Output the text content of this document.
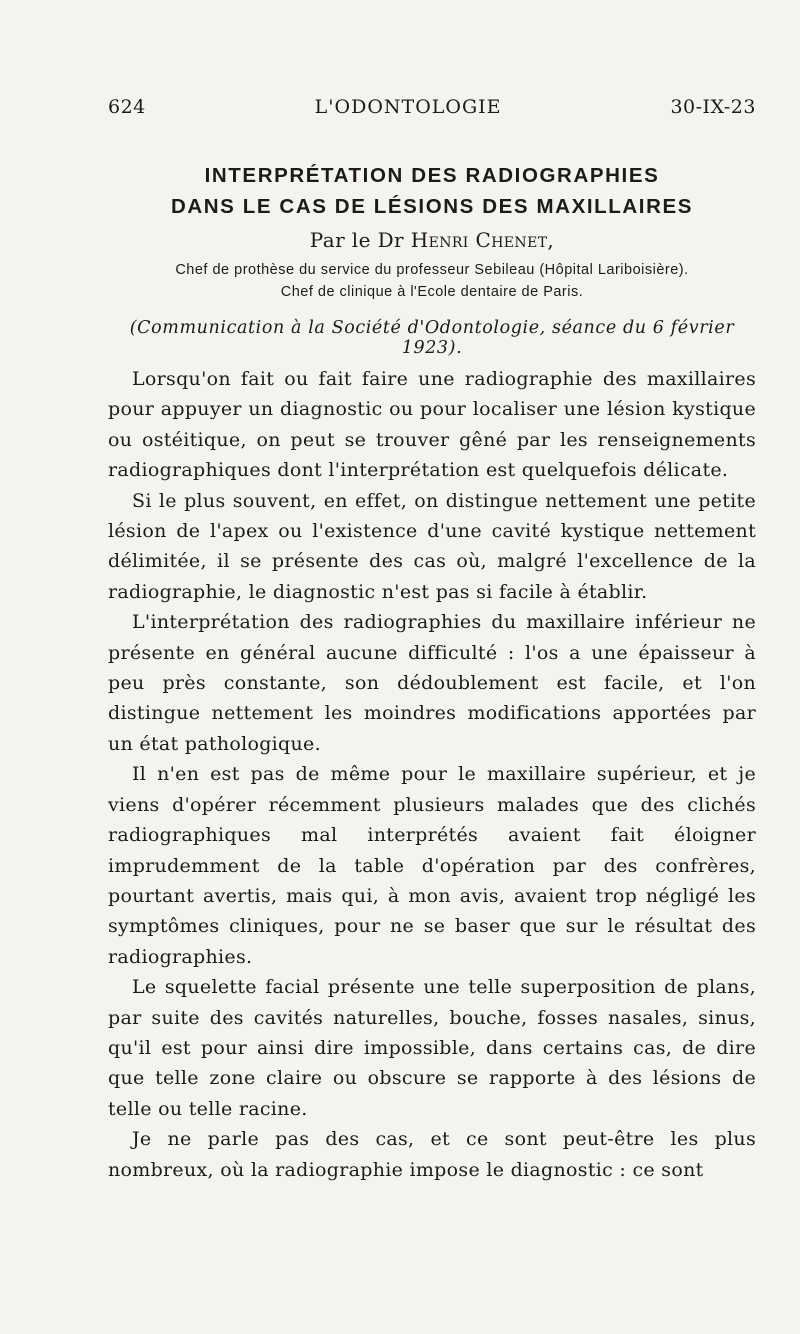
624	L'ODONTOLOGIE	30-IX-23
INTERPRÉTATION DES RADIOGRAPHIES
DANS LE CAS DE LÉSIONS DES MAXILLAIRES
Par le Dr Henri Chenet,
Chef de prothèse du service du professeur Sebileau (Hôpital Lariboisière).
Chef de clinique à l'Ecole dentaire de Paris.
(Communication à la Société d'Odontologie, séance du 6 février 1923).

Lorsqu'on fait ou fait faire une radiographie des maxillaires pour appuyer un diagnostic ou pour localiser une lésion kystique ou ostéitique, on peut se trouver gêné par les renseignements radiographiques dont l'interprétation est quelquefois délicate.

Si le plus souvent, en effet, on distingue nettement une petite lésion de l'apex ou l'existence d'une cavité kystique nettement délimitée, il se présente des cas où, malgré l'excellence de la radiographie, le diagnostic n'est pas si facile à établir.

L'interprétation des radiographies du maxillaire inférieur ne présente en général aucune difficulté : l'os a une épaisseur à peu près constante, son dédoublement est facile, et l'on distingue nettement les moindres modifications apportées par un état pathologique.

Il n'en est pas de même pour le maxillaire supérieur, et je viens d'opérer récemment plusieurs malades que des clichés radiographiques mal interprétés avaient fait éloigner imprudemment de la table d'opération par des confrères, pourtant avertis, mais qui, à mon avis, avaient trop négligé les symptômes cliniques, pour ne se baser que sur le résultat des radiographies.

Le squelette facial présente une telle superposition de plans, par suite des cavités naturelles, bouche, fosses nasales, sinus, qu'il est pour ainsi dire impossible, dans certains cas, de dire que telle zone claire ou obscure se rapporte à des lésions de telle ou telle racine.

Je ne parle pas des cas, et ce sont peut-être les plus nombreux, où la radiographie impose le diagnostic : ce sont
